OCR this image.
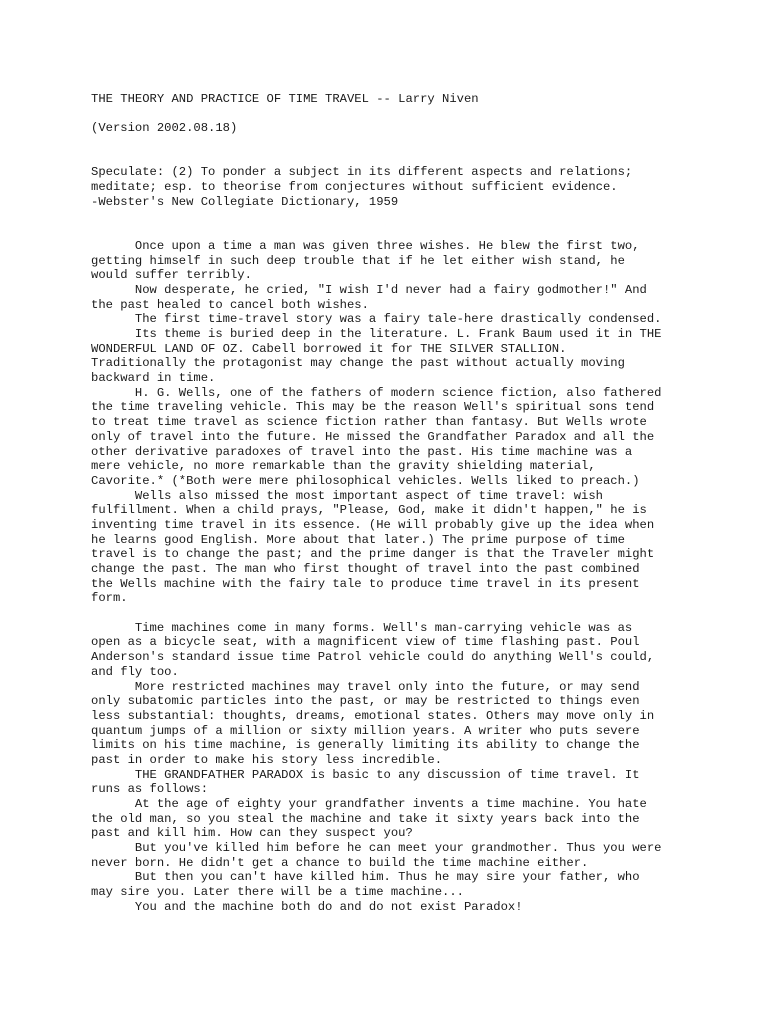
THE THEORY AND PRACTICE OF TIME TRAVEL -- Larry Niven
(Version 2002.08.18)
Speculate: (2) To ponder a subject in its different aspects and relations;
meditate; esp. to theorise from conjectures without sufficient evidence.
-Webster's New Collegiate Dictionary, 1959
Once upon a time a man was given three wishes. He blew the first two,
getting himself in such deep trouble that if he let either wish stand, he
would suffer terribly.
Now desperate, he cried, "I wish I'd never had a fairy godmother!" And
the past healed to cancel both wishes.
The first time-travel story was a fairy tale-here drastically condensed.
Its theme is buried deep in the literature. L. Frank Baum used it in THE
WONDERFUL LAND OF OZ. Cabell borrowed it for THE SILVER STALLION.
Traditionally the protagonist may change the past without actually moving
backward in time.
H. G. Wells, one of the fathers of modern science fiction, also fathered
the time traveling vehicle. This may be the reason Well's spiritual sons tend
to treat time travel as science fiction rather than fantasy. But Wells wrote
only of travel into the future. He missed the Grandfather Paradox and all the
other derivative paradoxes of travel into the past. His time machine was a
mere vehicle, no more remarkable than the gravity shielding material,
Cavorite.* (*Both were mere philosophical vehicles. Wells liked to preach.)
Wells also missed the most important aspect of time travel: wish
fulfillment. When a child prays, "Please, God, make it didn't happen," he is
inventing time travel in its essence. (He will probably give up the idea when
he learns good English. More about that later.) The prime purpose of time
travel is to change the past; and the prime danger is that the Traveler might
change the past. The man who first thought of travel into the past combined
the Wells machine with the fairy tale to produce time travel in its present
form.
Time machines come in many forms. Well's man-carrying vehicle was as
open as a bicycle seat, with a magnificent view of time flashing past. Poul
Anderson's standard issue time Patrol vehicle could do anything Well's could,
and fly too.
More restricted machines may travel only into the future, or may send
only subatomic particles into the past, or may be restricted to things even
less substantial: thoughts, dreams, emotional states. Others may move only in
quantum jumps of a million or sixty million years. A writer who puts severe
limits on his time machine, is generally limiting its ability to change the
past in order to make his story less incredible.
THE GRANDFATHER PARADOX is basic to any discussion of time travel. It
runs as follows:
At the age of eighty your grandfather invents a time machine. You hate
the old man, so you steal the machine and take it sixty years back into the
past and kill him. How can they suspect you?
But you've killed him before he can meet your grandmother. Thus you were
never born. He didn't get a chance to build the time machine either.
But then you can't have killed him. Thus he may sire your father, who
may sire you. Later there will be a time machine...
You and the machine both do and do not exist Paradox!
